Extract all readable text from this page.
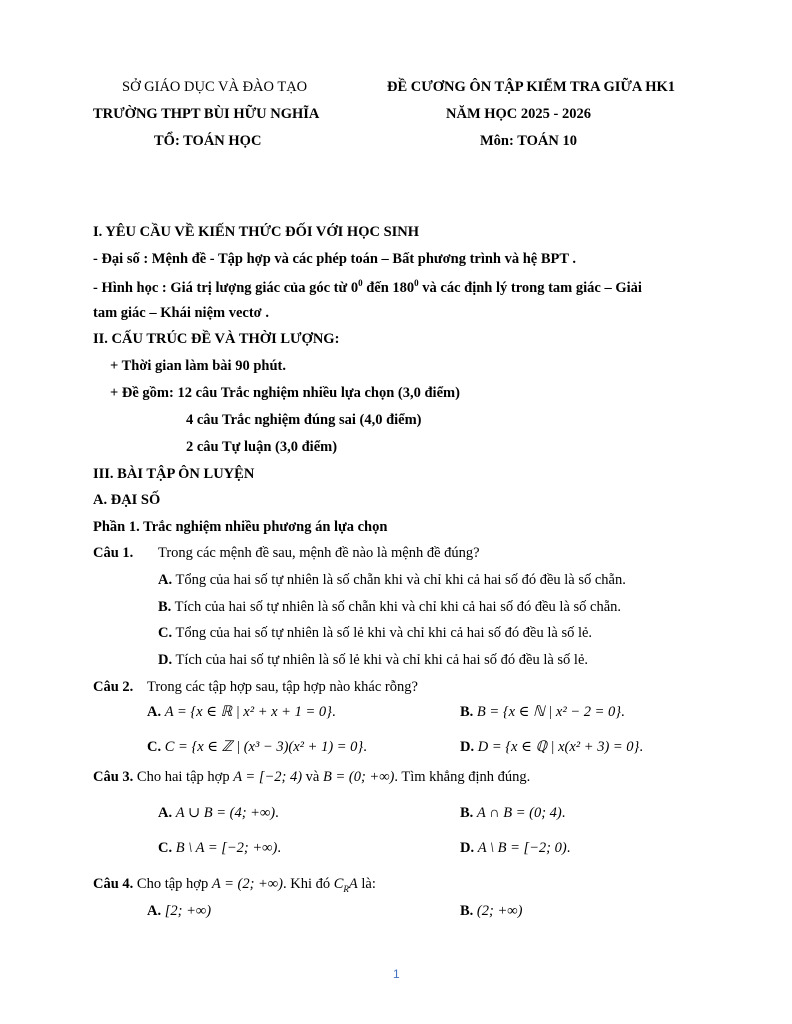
SỞ GIÁO DỤC VÀ ĐÀO TẠO
TRƯỜNG THPT BÙI HỮU NGHĨA
TỔ: TOÁN HỌC
ĐỀ CƯƠNG ÔN TẬP KIỂM TRA GIỮA HK1
NĂM HỌC 2025 - 2026
Môn: TOÁN 10
I. YÊU CẦU VỀ KIẾN THỨC ĐỐI VỚI HỌC SINH
- Đại số : Mệnh đề - Tập hợp và các phép toán – Bất phương trình và hệ BPT .
- Hình học : Giá trị lượng giác của góc từ $0^0$ đến $180^0$ và các định lý trong tam giác – Giải
tam giác – Khái niệm vectơ .
II. CẤU TRÚC ĐỀ VÀ THỜI LƯỢNG:
+ Thời gian làm bài 90 phút.
+ Đề gồm: 12 câu Trắc nghiệm nhiều lựa chọn (3,0 điểm)
4 câu Trắc nghiệm đúng sai (4,0 điểm)
2 câu Tự luận (3,0 điểm)
III. BÀI TẬP ÔN LUYỆN
A. ĐẠI SỐ
Phần 1. Trắc nghiệm nhiều phương án lựa chọn
Câu 1. Trong các mệnh đề sau, mệnh đề nào là mệnh đề đúng?
A. Tổng của hai số tự nhiên là số chẵn khi và chỉ khi cả hai số đó đều là số chẵn.
B. Tích của hai số tự nhiên là số chẵn khi và chỉ khi cả hai số đó đều là số chẵn.
C. Tổng của hai số tự nhiên là số lẻ khi và chỉ khi cả hai số đó đều là số lẻ.
D. Tích của hai số tự nhiên là số lẻ khi và chỉ khi cả hai số đó đều là số lẻ.
Câu 2. Trong các tập hợp sau, tập hợp nào khác rỗng?
A. A = {x ∈ ℝ | x² + x + 1 = 0}.	B. B = {x ∈ ℕ | x² − 2 = 0}.
C. C = {x ∈ ℤ | (x³ − 3)(x² + 1) = 0}.	D. D = {x ∈ ℚ | x(x² + 3) = 0}.
Câu 3. Cho hai tập hợp A = [−2; 4) và B = (0; +∞). Tìm khẳng định đúng.
A. A ∪ B = (4; +∞).	B. A ∩ B = (0; 4).
C. B \ A = [−2; +∞).	D. A \ B = [−2; 0).
Câu 4. Cho tập hợp A = (2; +∞). Khi đó $C_RA$ là:
A. [2; +∞)	B. (2; +∞)
1
